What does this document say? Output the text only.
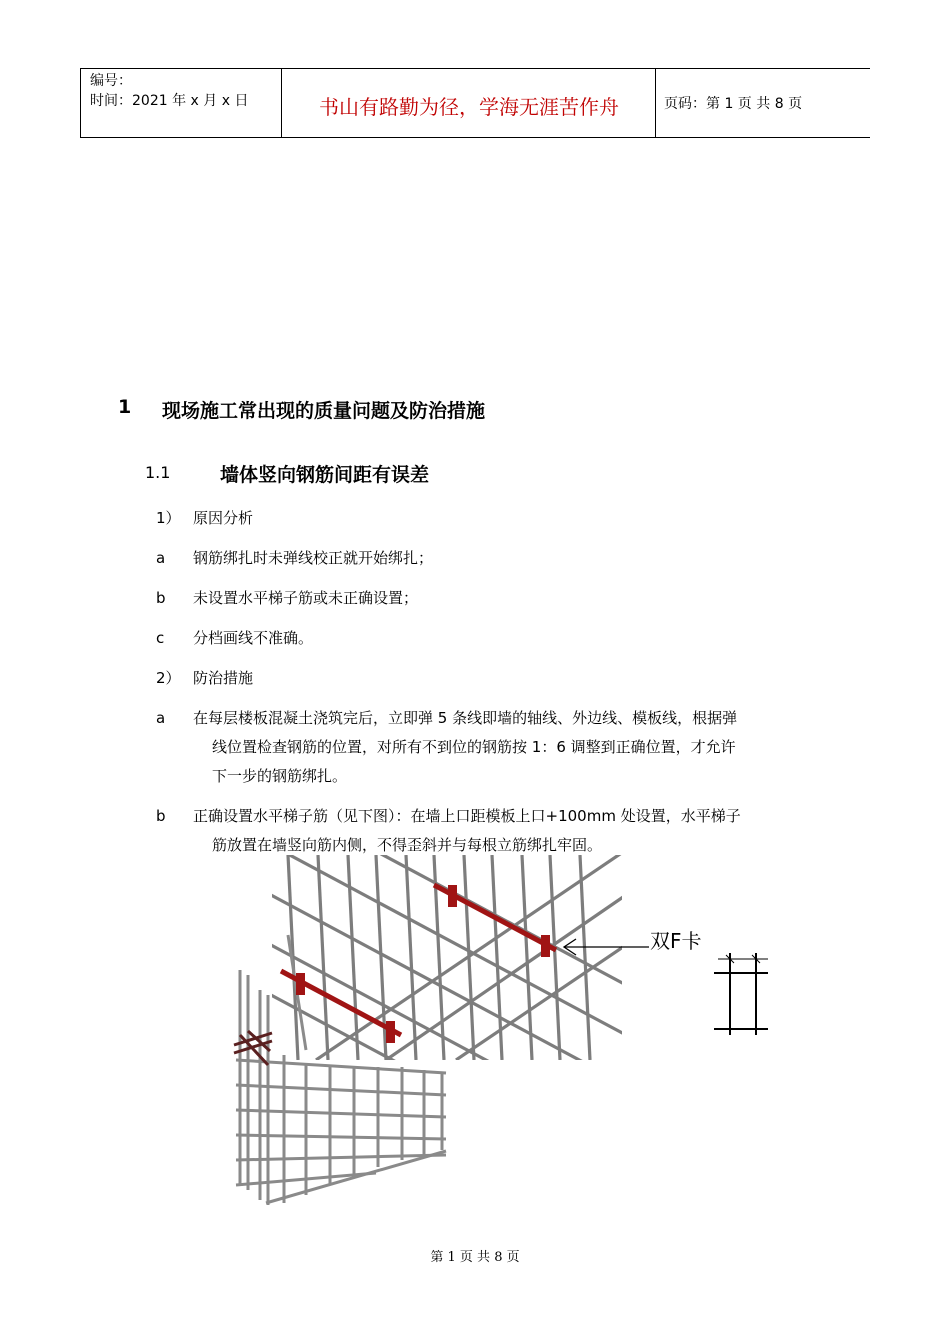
编号：
时间：2021 年 x 月 x 日	书山有路勤为径，学海无涯苦作舟	页码：第 1 页 共 8 页
1 现场施工常出现的质量问题及防治措施
1.1	墙体竖向钢筋间距有误差
1） 原因分析
a 钢筋绑扎时未弹线校正就开始绑扎；
b 未设置水平梯子筋或未正确设置；
c 分档画线不准确。
2） 防治措施
a 在每层楼板混凝土浇筑完后，立即弹 5 条线即墙的轴线、外边线、模板线，根据弹
线位置检查钢筋的位置，对所有不到位的钢筋按 1：6 调整到正确位置，才允许
下一步的钢筋绑扎。
b 正确设置水平梯子筋（见下图）：在墙上口距模板上口+100mm 处设置，水平梯子
筋放置在墙竖向筋内侧，不得歪斜并与每根立筋绑扎牢固。
双F卡
第 1 页 共 8 页
